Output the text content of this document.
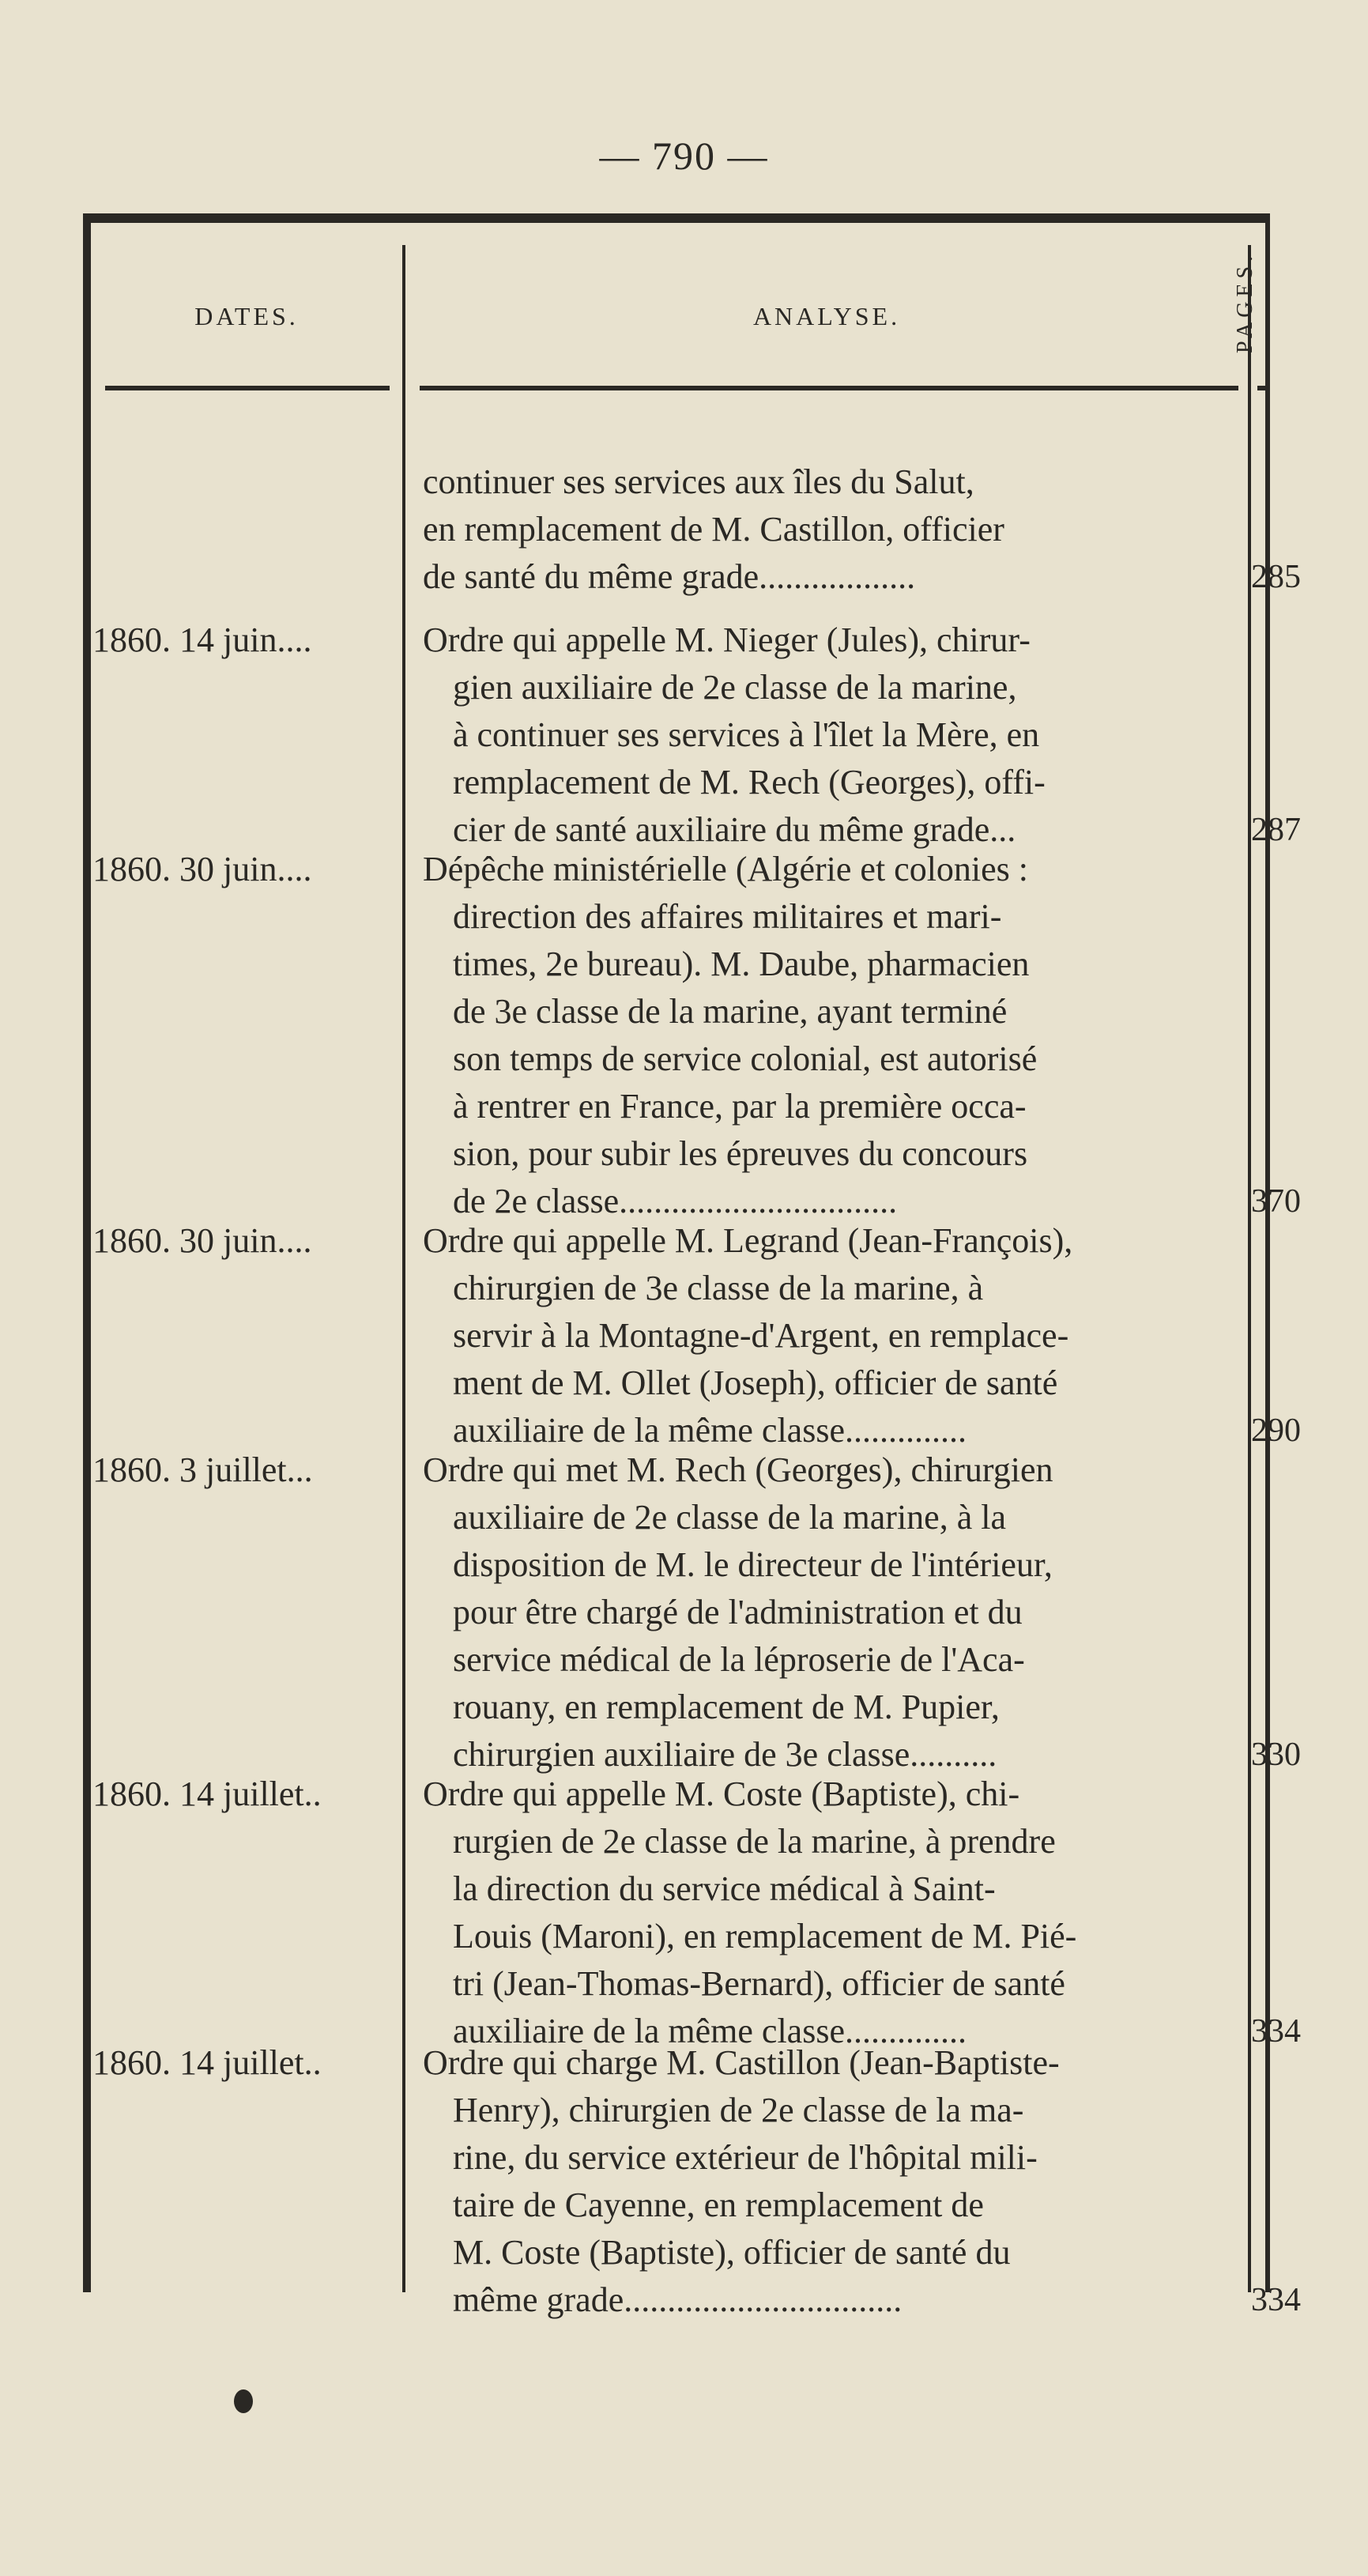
— 790 —
DATES.	ANALYSE.	PAGES.
continuer ses services aux îles du Salut,
en remplacement de M. Castillon, officier
de santé du même grade..................	285
1860. 14 juin....	Ordre qui appelle M. Nieger (Jules), chirur-
gien auxiliaire de 2e classe de la marine,
à continuer ses services à l'îlet la Mère, en
remplacement de M. Rech (Georges), offi-
cier de santé auxiliaire du même grade...	287
1860. 30 juin....	Dépêche ministérielle (Algérie et colonies :
direction des affaires militaires et mari-
times, 2e bureau). M. Daube, pharmacien
de 3e classe de la marine, ayant terminé
son temps de service colonial, est autorisé
à rentrer en France, par la première occa-
sion, pour subir les épreuves du concours
de 2e classe................................	370
1860. 30 juin....	Ordre qui appelle M. Legrand (Jean-François),
chirurgien de 3e classe de la marine, à
servir à la Montagne-d'Argent, en remplace-
ment de M. Ollet (Joseph), officier de santé
auxiliaire de la même classe..............	290
1860. 3 juillet...	Ordre qui met M. Rech (Georges), chirurgien
auxiliaire de 2e classe de la marine, à la
disposition de M. le directeur de l'intérieur,
pour être chargé de l'administration et du
service médical de la léproserie de l'Aca-
rouany, en remplacement de M. Pupier,
chirurgien auxiliaire de 3e classe..........	330
1860. 14 juillet..	Ordre qui appelle M. Coste (Baptiste), chi-
rurgien de 2e classe de la marine, à prendre
la direction du service médical à Saint-
Louis (Maroni), en remplacement de M. Pié-
tri (Jean-Thomas-Bernard), officier de santé
auxiliaire de la même classe..............	334
1860. 14 juillet..	Ordre qui charge M. Castillon (Jean-Baptiste-
Henry), chirurgien de 2e classe de la ma-
rine, du service extérieur de l'hôpital mili-
taire de Cayenne, en remplacement de
M. Coste (Baptiste), officier de santé du
même grade................................	334
